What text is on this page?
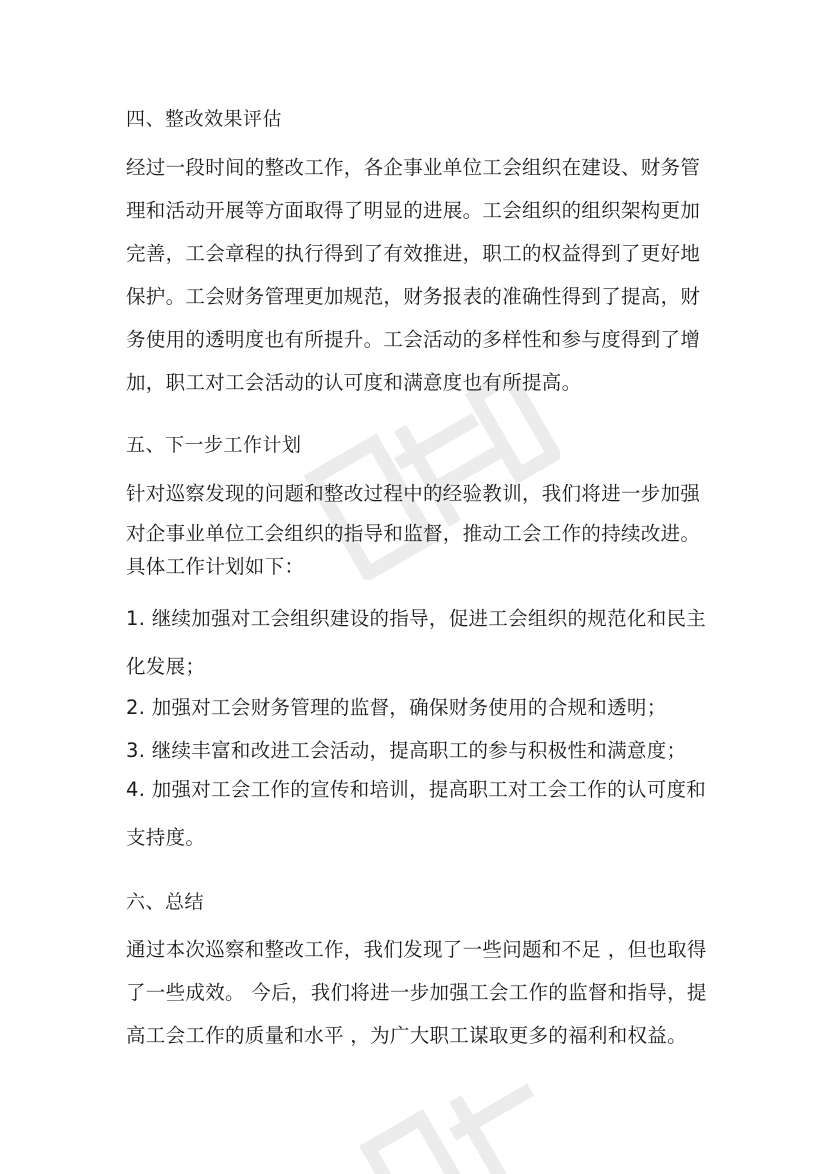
四、整改效果评估
经过一段时间的整改工作，各企事业单位工会组织在建设、财务管
理和活动开展等方面取得了明显的进展。工会组织的组织架构更加
完善，工会章程的执行得到了有效推进，职工的权益得到了更好地
保护。工会财务管理更加规范，财务报表的准确性得到了提高，财
务使用的透明度也有所提升。工会活动的多样性和参与度得到了增
加，职工对工会活动的认可度和满意度也有所提高。
五、下一步工作计划
针对巡察发现的问题和整改过程中的经验教训，我们将进一步加强
对企事业单位工会组织的指导和监督，推动工会工作的持续改进。
具体工作计划如下：
1. 继续加强对工会组织建设的指导，促进工会组织的规范化和民主
化发展；
2. 加强对工会财务管理的监督，确保财务使用的合规和透明；
3. 继续丰富和改进工会活动，提高职工的参与积极性和满意度；
4. 加强对工会工作的宣传和培训，提高职工对工会工作的认可度和
支持度。
六、总结
通过本次巡察和整改工作，我们发现了一些问题和不足 ，但也取得
了一些成效。 今后，我们将进一步加强工会工作的监督和指导，提
高工会工作的质量和水平 ，为广大职工谋取更多的福利和权益。
